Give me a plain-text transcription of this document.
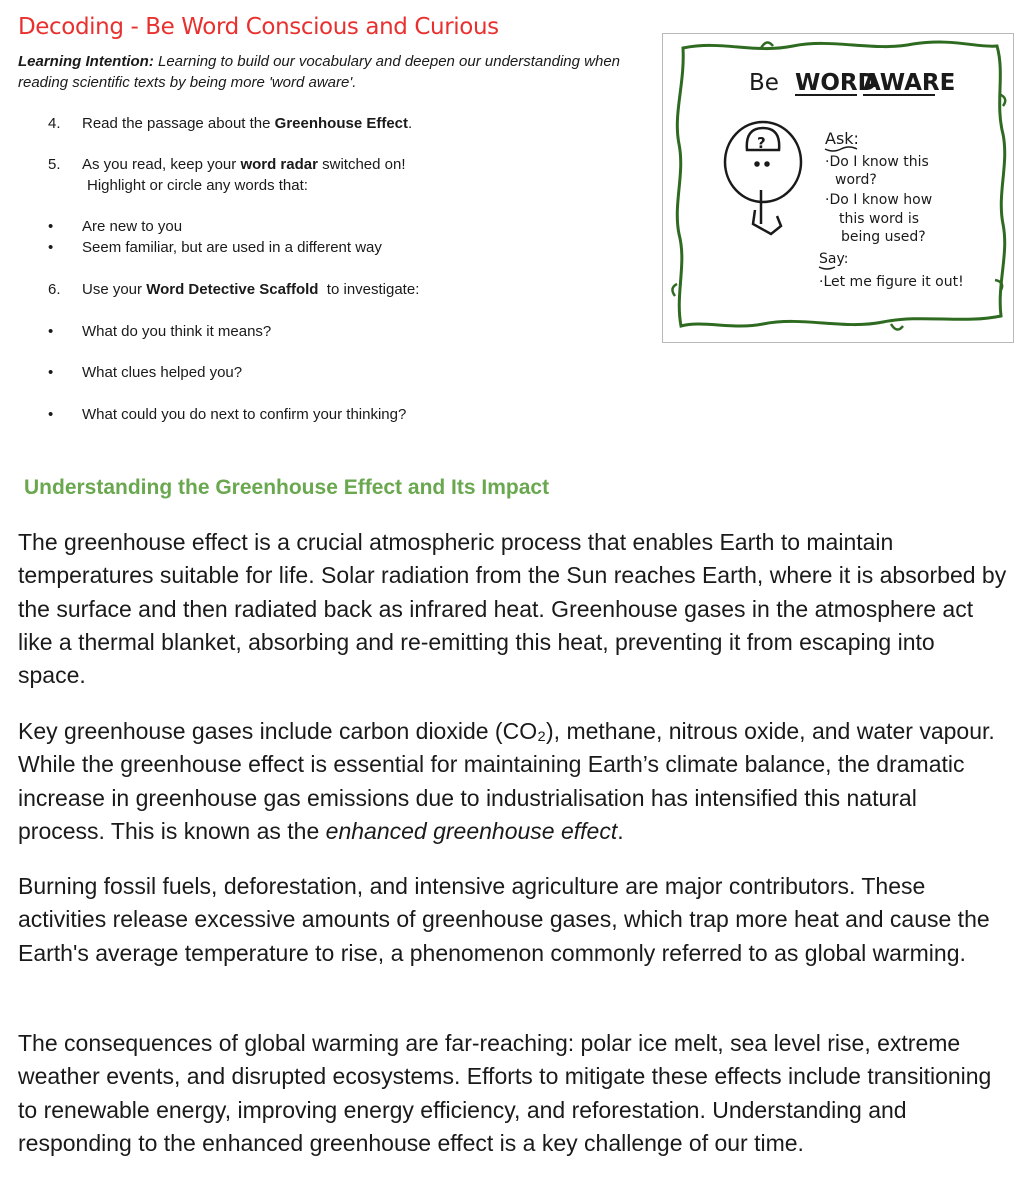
Decoding - Be Word Conscious and Curious
Learning Intention: Learning to build our vocabulary and deepen our understanding when reading scientific texts by being more 'word aware'.
4. Read the passage about the Greenhouse Effect.
5. As you read, keep your word radar switched on!
Highlight or circle any words that:
• Are new to you
• Seem familiar, but are used in a different way
6. Use your Word Detective Scaffold  to investigate:
• What do you think it means?
• What clues helped you?
• What could you do next to confirm your thinking?
Be WORD
AWARE
?	Ask:
·Do I know this
word?
·Do I know how
this word is
being used?
Say:
·Let me figure it out!
Understanding the Greenhouse Effect and Its Impact
The greenhouse effect is a crucial atmospheric process that enables Earth to maintain temperatures suitable for life. Solar radiation from the Sun reaches Earth, where it is absorbed by the surface and then radiated back as infrared heat. Greenhouse gases in the atmosphere act like a thermal blanket, absorbing and re-emitting this heat, preventing it from escaping into space.
Key greenhouse gases include carbon dioxide (CO₂), methane, nitrous oxide, and water vapour. While the greenhouse effect is essential for maintaining Earth’s climate balance, the dramatic increase in greenhouse gas emissions due to industrialisation has intensified this natural process. This is known as the enhanced greenhouse effect.
Burning fossil fuels, deforestation, and intensive agriculture are major contributors. These activities release excessive amounts of greenhouse gases, which trap more heat and cause the Earth's average temperature to rise, a phenomenon commonly referred to as global warming.
The consequences of global warming are far-reaching: polar ice melt, sea level rise, extreme weather events, and disrupted ecosystems. Efforts to mitigate these effects include transitioning to renewable energy, improving energy efficiency, and reforestation. Understanding and responding to the enhanced greenhouse effect is a key challenge of our time.
